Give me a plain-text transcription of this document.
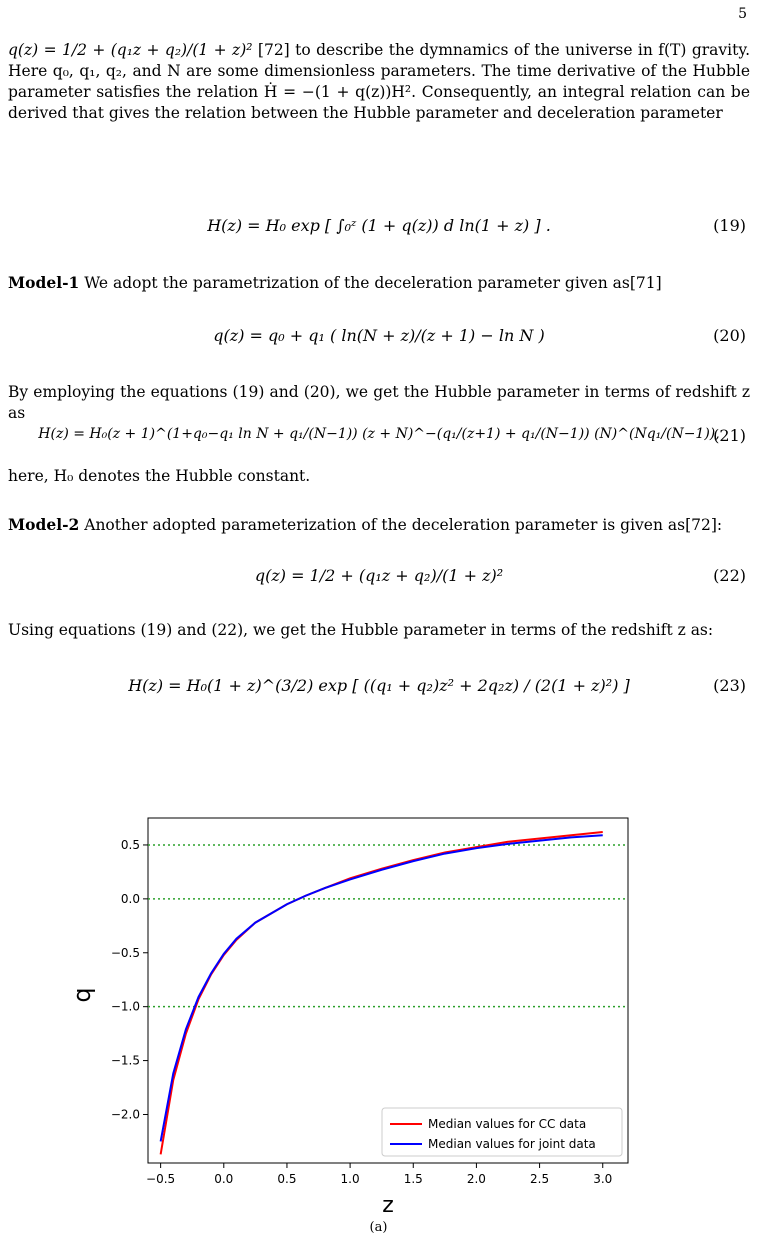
5
q(z) = 1/2 + (q₁z + q₂)/(1 + z)² [72] to describe the dymnamics of the universe in f(T) gravity. Here q₀, q₁, q₂, and N are some dimensionless parameters. The time derivative of the Hubble parameter satisfies the relation Ḣ = −(1 + q(z))H². Consequently, an integral relation can be derived that gives the relation between the Hubble parameter and deceleration parameter
H(z) = H₀ exp [ ∫₀ᶻ (1 + q(z)) d ln(1 + z) ] .	(19)
Model-1 We adopt the parametrization of the deceleration parameter given as[71]
q(z) = q₀ + q₁ ( ln(N + z)/(z + 1) − ln N )	(20)
By employing the equations (19) and (20), we get the Hubble parameter in terms of redshift z as
H(z) = H₀(z + 1)^(1+q₀−q₁ ln N + q₁/(N−1)) (z + N)^−(q₁/(z+1) + q₁/(N−1)) (N)^(Nq₁/(N−1)),
(21)
here, H₀ denotes the Hubble constant.
Model-2 Another adopted parameterization of the deceleration parameter is given as[72]:
q(z) = 1/2 + (q₁z + q₂)/(1 + z)²	(22)
Using equations (19) and (22), we get the Hubble parameter in terms of the redshift z as:
H(z) = H₀(1 + z)^(3/2) exp [ ((q₁ + q₂)z² + 2q₂z) / (2(1 + z)²) ]	(23)
−0.5	0.0	0.5	1.0	1.5	2.0	2.5	3.0
−2.0
−1.5
−1.0
−0.5
0.0
0.5
z
q
Median values for CC data
Median values for joint data
(a)
